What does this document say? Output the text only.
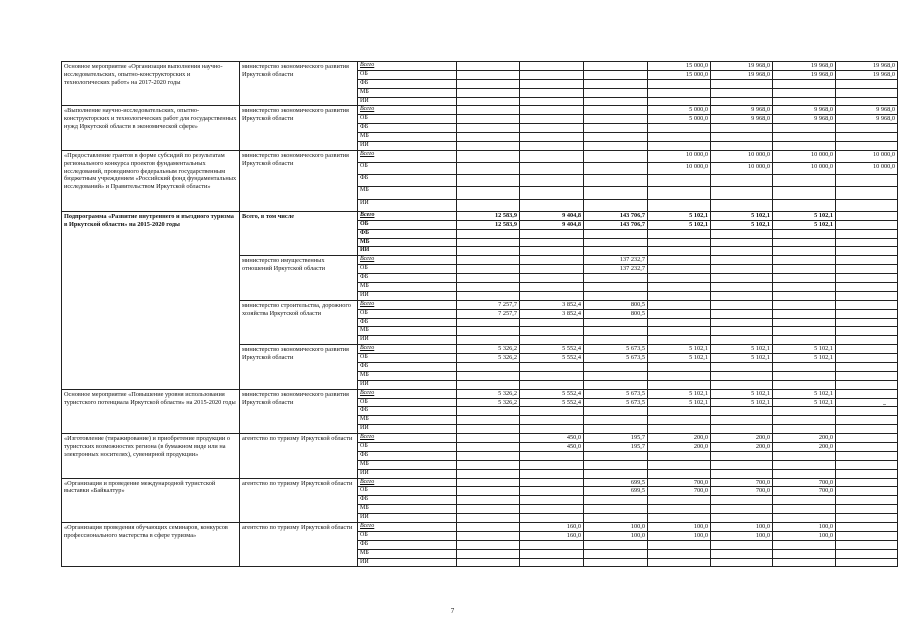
Основное мероприятие «Организация выполнения научно-исследовательских, опытно-конструкторских и технологических работ» на 2017-2020 годы	министерство экономического развития Иркутской области	Всего				15 000,0	19 968,0	19 968,0	19 968,0
		ОБ				15 000,0	19 968,0	19 968,0	19 968,0
		ФБ							
		МБ							
		ИИ							
«Выполнение научно-исследовательских, опытно-конструкторских и технологических работ для государственных нужд Иркутской области в экономической сфере»	министерство экономического развития Иркутской области	Всего				5 000,0	9 968,0	9 968,0	9 968,0
		ОБ				5 000,0	9 968,0	9 968,0	9 968,0
		ФБ							
		МБ							
		ИИ							
«Предоставление грантов в форме субсидий по результатам регионального конкурса проектов фундаментальных исследований, проводимого федеральным государственным бюджетным учреждением «Российский фонд фундаментальных исследований» и Правительством Иркутской области»	министерство экономического развития Иркутской области	Всего				10 000,0	10 000,0	10 000,0	10 000,0
		ОБ				10 000,0	10 000,0	10 000,0	10 000,0
		ФБ							
		МБ							
		ИИ							
Подпрограмма «Развитие внутреннего и въездного туризма в Иркутской области» на 2015-2020 годы	Всего, в том числе	Всего	12 583,9	9 404,8	143 706,7	5 102,1	5 102,1	5 102,1	
		ОБ	12 583,9	9 404,8	143 706,7	5 102,1	5 102,1	5 102,1	
		ФБ							
		МБ							
		ИИ							
	министерство имущественных отношений Иркутской области	Всего			137 232,7				
		ОБ			137 232,7				
		ФБ							
		МБ							
		ИИ							
	министерство строительства, дорожного хозяйства Иркутской области	Всего	7 257,7	3 852,4	800,5				
		ОБ	7 257,7	3 852,4	800,5				
		ФБ							
		МБ							
		ИИ							
	министерство экономического развития Иркутской области	Всего	5 326,2	5 552,4	5 673,5	5 102,1	5 102,1	5 102,1	
		ОБ	5 326,2	5 552,4	5 673,5	5 102,1	5 102,1	5 102,1	
		ФБ							
		МБ							
		ИИ							
Основное мероприятие «Повышение уровня использования туристского потенциала Иркутской области» на 2015-2020 годы	министерство экономического развития Иркутской области	Всего	5 326,2	5 552,4	5 673,5	5 102,1	5 102,1	5 102,1	
		ОБ	5 326,2	5 552,4	5 673,5	5 102,1	5 102,1	5 102,1	
		ФБ							
		МБ							
		ИИ							
«Изготовление (тиражирование) и приобретение продукции о туристских возможностях региона (в бумажном виде или на электронных носителях), сувенирной продукции»	агентство по туризму Иркутской области	Всего		450,0	195,7	200,0	200,0	200,0	
		ОБ		450,0	195,7	200,0	200,0	200,0	
		ФБ							
		МБ							
		ИИ							
«Организация и проведение международной туристской выставки «Байкалтур»	агентство по туризму Иркутской области	Всего			699,5	700,0	700,0	700,0	
		ОБ			699,5	700,0	700,0	700,0	
		ФБ							
		МБ							
		ИИ							
«Организация проведения обучающих семинаров, конкурсов профессионального мастерства в сфере туризма»	агентство по туризму Иркутской области	Всего		160,0	100,0	100,0	100,0	100,0	
		ОБ		160,0	100,0	100,0	100,0	100,0	
		ФБ							
		МБ							
		ИИ							
7
